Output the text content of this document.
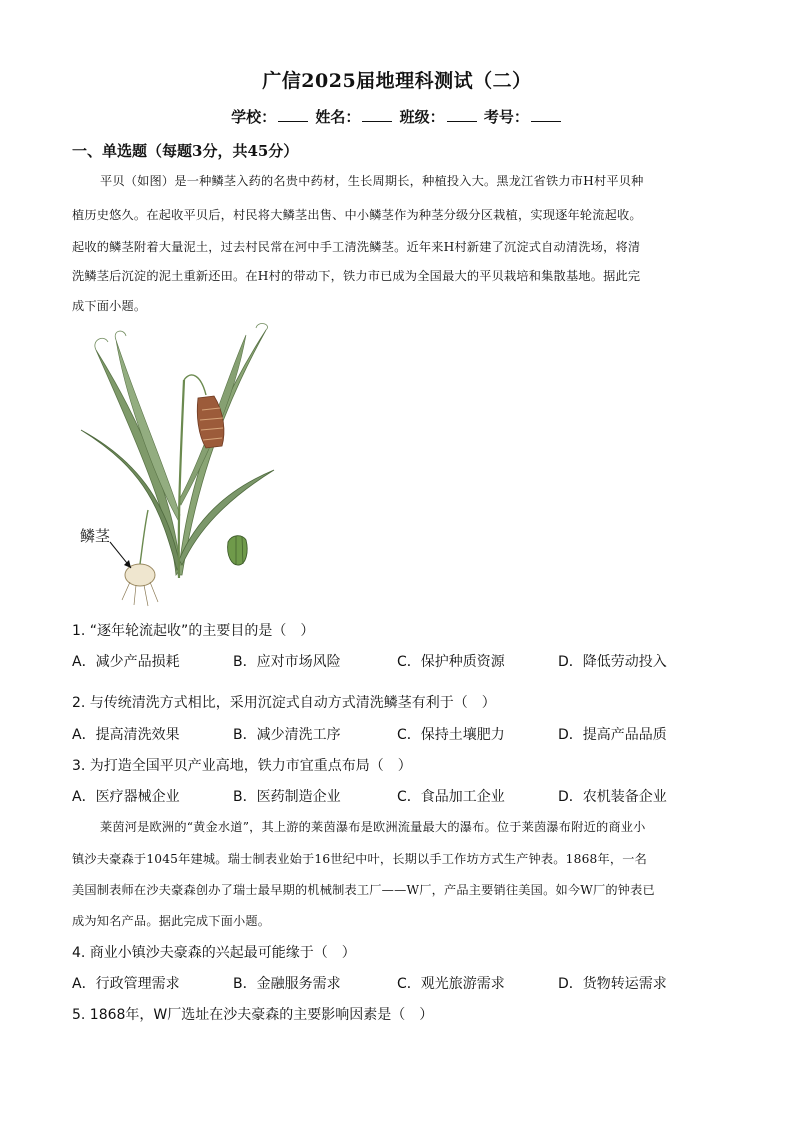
广信2025届地理科测试（二）
学校：	姓名：	班级：	考号：
一、单选题（每题3分，共45分）
平贝（如图）是一种鳞茎入药的名贵中药材，生长周期长，种植投入大。黑龙江省铁力市H村平贝种
植历史悠久。在起收平贝后，村民将大鳞茎出售、中小鳞茎作为种茎分级分区栽植，实现逐年轮流起收。
起收的鳞茎附着大量泥土，过去村民常在河中手工清洗鳞茎。近年来H村新建了沉淀式自动清洗场，将清
洗鳞茎后沉淀的泥土重新还田。在H村的带动下，铁力市已成为全国最大的平贝栽培和集散基地。据此完
成下面小题。
鳞茎
1. “逐年轮流起收”的主要目的是（　）
A．减少产品损耗	B．应对市场风险	C．保护种质资源	D．降低劳动投入
2. 与传统清洗方式相比，采用沉淀式自动方式清洗鳞茎有利于（　）
A．提高清洗效果	B．减少清洗工序	C．保持土壤肥力	D．提高产品品质
3. 为打造全国平贝产业高地，铁力市宜重点布局（　）
A．医疗器械企业	B．医药制造企业	C．食品加工企业	D．农机装备企业
莱茵河是欧洲的“黄金水道”，其上游的莱茵瀑布是欧洲流量最大的瀑布。位于莱茵瀑布附近的商业小
镇沙夫豪森于1045年建城。瑞士制表业始于16世纪中叶，长期以手工作坊方式生产钟表。1868年，一名
美国制表师在沙夫豪森创办了瑞士最早期的机械制表工厂——W厂，产品主要销往美国。如今W厂的钟表已
成为知名产品。据此完成下面小题。
4. 商业小镇沙夫豪森的兴起最可能缘于（　）
A．行政管理需求	B．金融服务需求	C．观光旅游需求	D．货物转运需求
5. 1868年，W厂选址在沙夫豪森的主要影响因素是（　）
